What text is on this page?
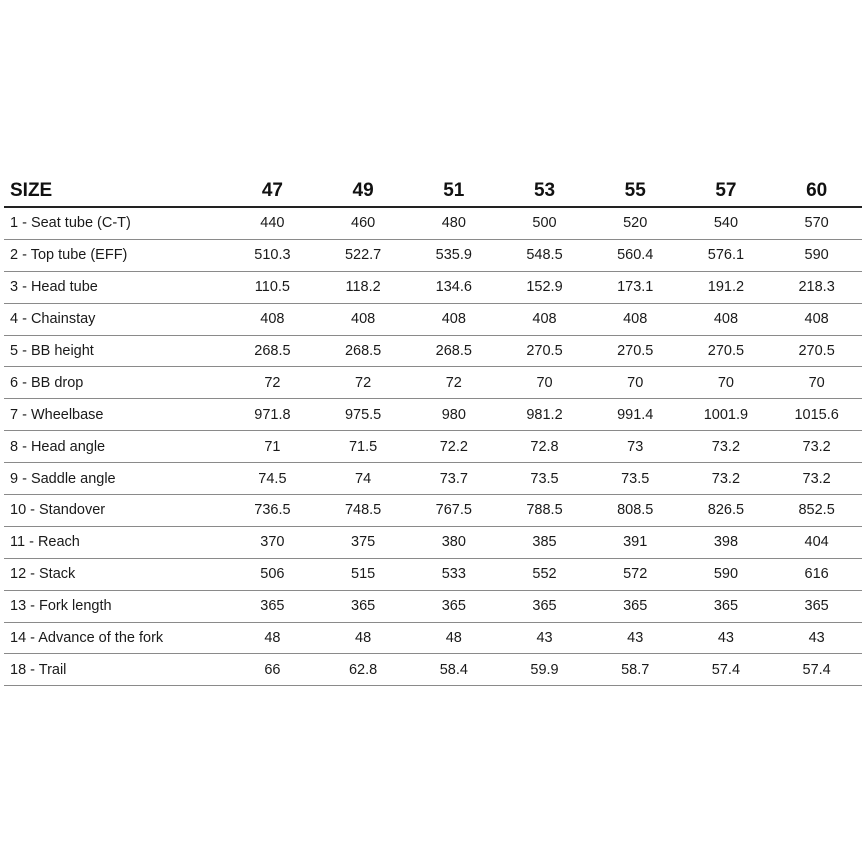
SIZE	47	49	51	53	55	57	60
1 - Seat tube (C-T)	440	460	480	500	520	540	570
2 - Top tube (EFF)	510.3	522.7	535.9	548.5	560.4	576.1	590
3 - Head tube	110.5	118.2	134.6	152.9	173.1	191.2	218.3
4 - Chainstay	408	408	408	408	408	408	408
5 - BB height	268.5	268.5	268.5	270.5	270.5	270.5	270.5
6 - BB drop	72	72	72	70	70	70	70
7 - Wheelbase	971.8	975.5	980	981.2	991.4	1001.9	1015.6
8 - Head angle	71	71.5	72.2	72.8	73	73.2	73.2
9 - Saddle angle	74.5	74	73.7	73.5	73.5	73.2	73.2
10 - Standover	736.5	748.5	767.5	788.5	808.5	826.5	852.5
11 - Reach	370	375	380	385	391	398	404
12 - Stack	506	515	533	552	572	590	616
13 - Fork length	365	365	365	365	365	365	365
14 - Advance of the fork	48	48	48	43	43	43	43
18 - Trail	66	62.8	58.4	59.9	58.7	57.4	57.4
